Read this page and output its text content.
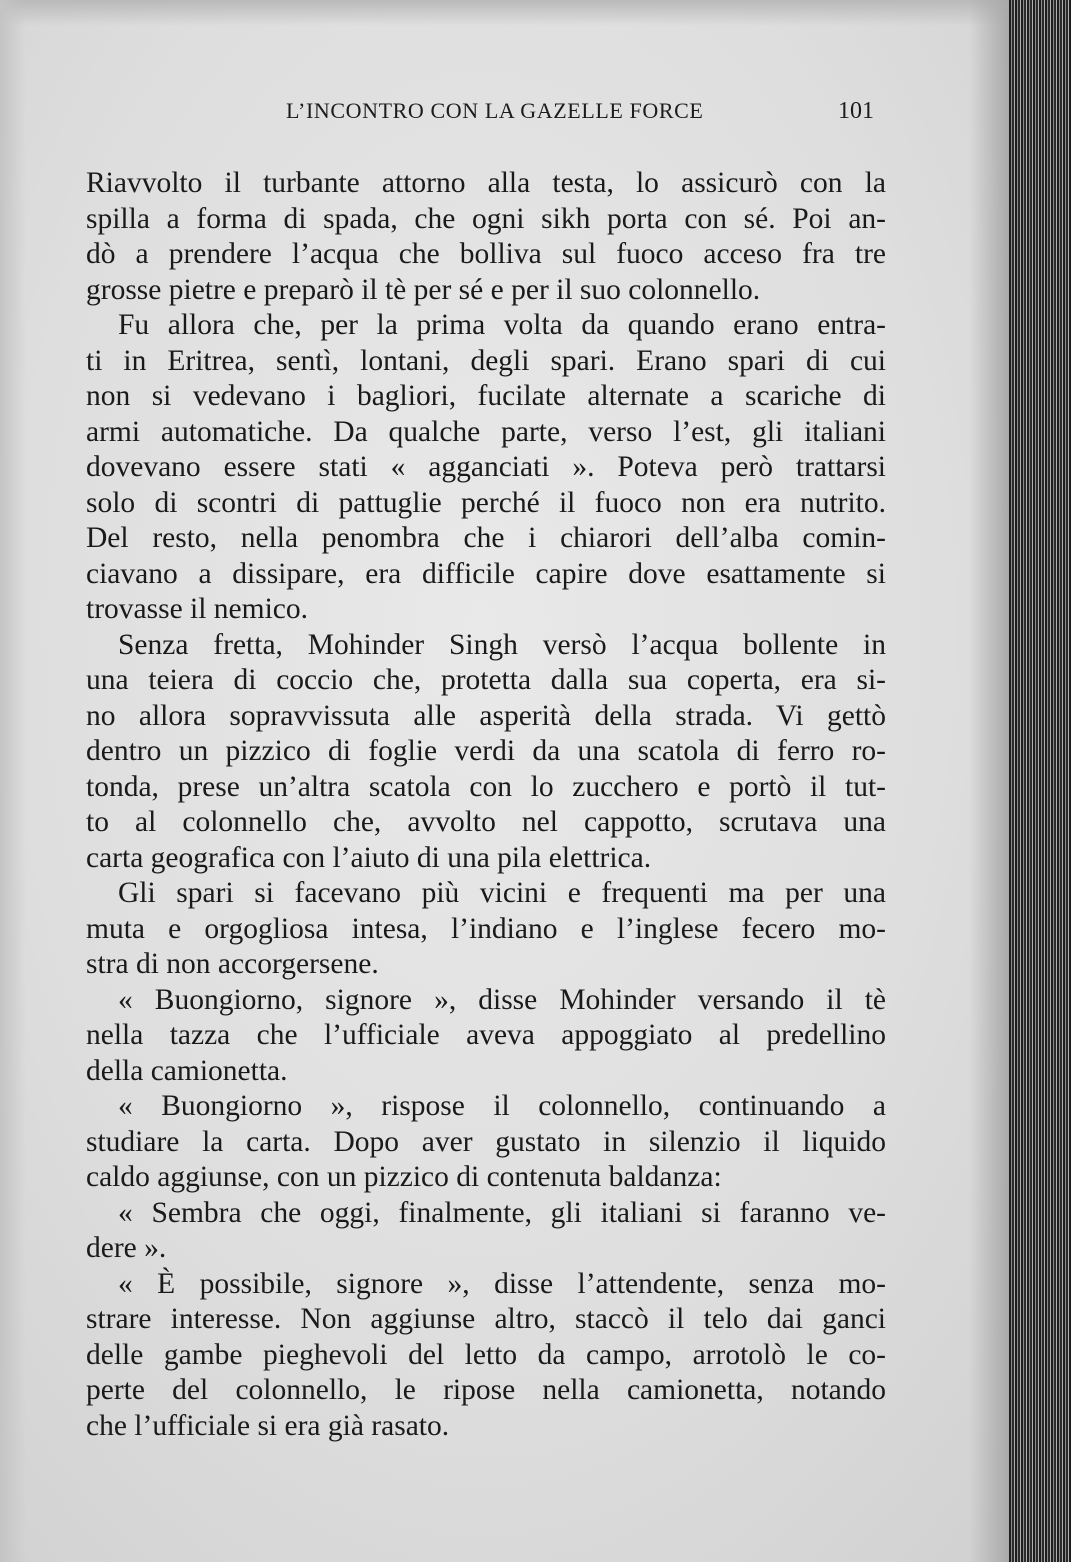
L’INCONTRO CON LA GAZELLE FORCE	101
Riavvolto il turbante attorno alla testa, lo assicurò con la
spilla a forma di spada, che ogni sikh porta con sé. Poi an-
dò a prendere l’acqua che bolliva sul fuoco acceso fra tre
grosse pietre e preparò il tè per sé e per il suo colonnello.
Fu allora che, per la prima volta da quando erano entra-
ti in Eritrea, sentì, lontani, degli spari. Erano spari di cui
non si vedevano i bagliori, fucilate alternate a scariche di
armi automatiche. Da qualche parte, verso l’est, gli italiani
dovevano essere stati « agganciati ». Poteva però trattarsi
solo di scontri di pattuglie perché il fuoco non era nutrito.
Del resto, nella penombra che i chiarori dell’alba comin-
ciavano a dissipare, era difficile capire dove esattamente si
trovasse il nemico.
Senza fretta, Mohinder Singh versò l’acqua bollente in
una teiera di coccio che, protetta dalla sua coperta, era si-
no allora sopravvissuta alle asperità della strada. Vi gettò
dentro un pizzico di foglie verdi da una scatola di ferro ro-
tonda, prese un’altra scatola con lo zucchero e portò il tut-
to al colonnello che, avvolto nel cappotto, scrutava una
carta geografica con l’aiuto di una pila elettrica.
Gli spari si facevano più vicini e frequenti ma per una
muta e orgogliosa intesa, l’indiano e l’inglese fecero mo-
stra di non accorgersene.
« Buongiorno, signore », disse Mohinder versando il tè
nella tazza che l’ufficiale aveva appoggiato al predellino
della camionetta.
« Buongiorno », rispose il colonnello, continuando a
studiare la carta. Dopo aver gustato in silenzio il liquido
caldo aggiunse, con un pizzico di contenuta baldanza:
« Sembra che oggi, finalmente, gli italiani si faranno ve-
dere ».
« È possibile, signore », disse l’attendente, senza mo-
strare interesse. Non aggiunse altro, staccò il telo dai ganci
delle gambe pieghevoli del letto da campo, arrotolò le co-
perte del colonnello, le ripose nella camionetta, notando
che l’ufficiale si era già rasato.
